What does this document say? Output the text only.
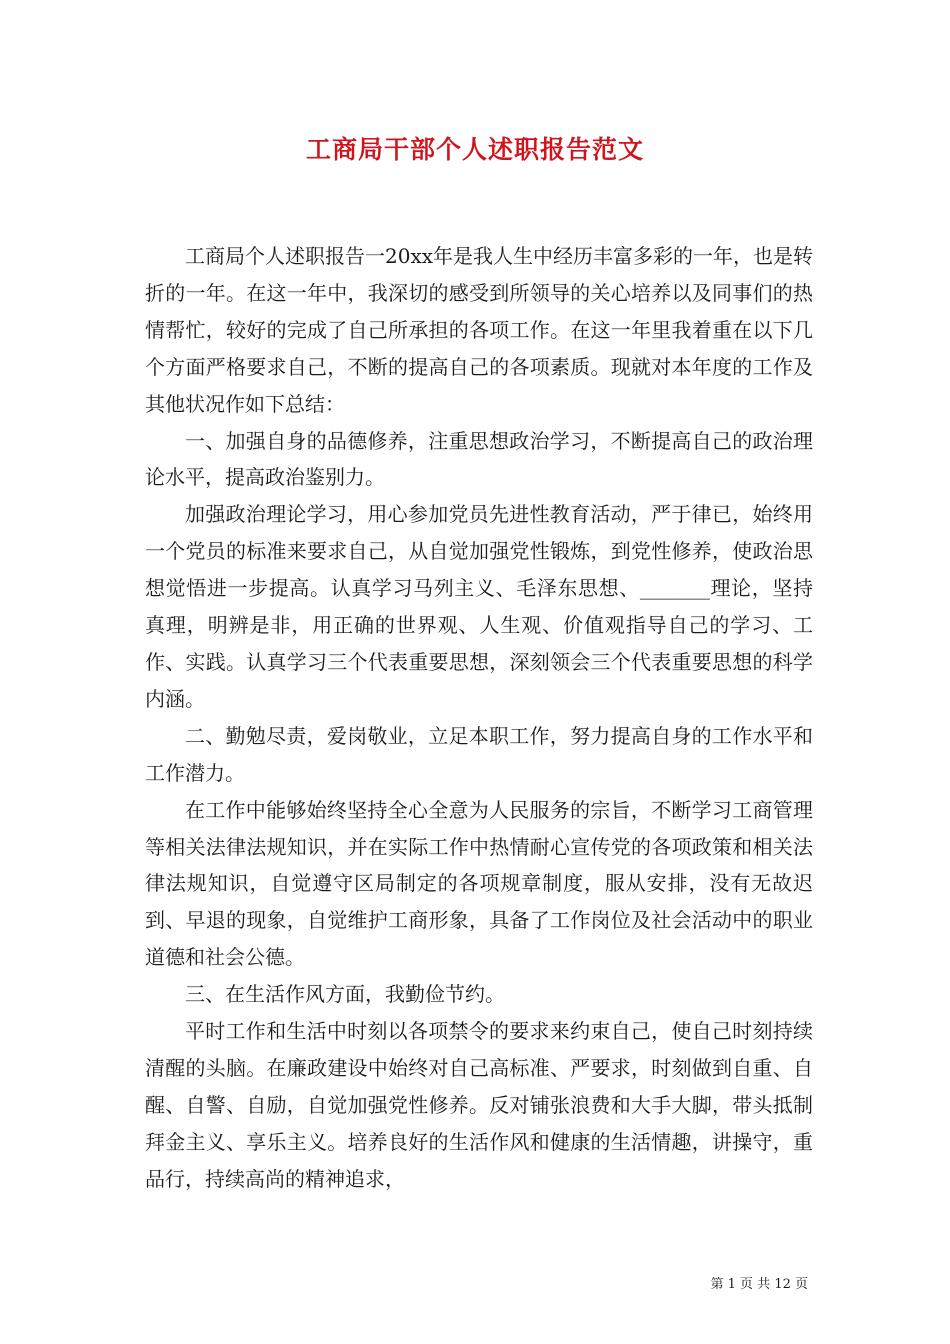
工商局干部个人述职报告范文

工商局个人述职报告一20xx年是我人生中经历丰富多彩的一年，也是转折的一年。在这一年中，我深切的感受到所领导的关心培养以及同事们的热情帮忙，较好的完成了自己所承担的各项工作。在这一年里我着重在以下几个方面严格要求自己，不断的提高自己的各项素质。现就对本年度的工作及其他状况作如下总结：

一、加强自身的品德修养，注重思想政治学习，不断提高自己的政治理论水平，提高政治鉴别力。

加强政治理论学习，用心参加党员先进性教育活动，严于律已，始终用一个党员的标准来要求自己，从自觉加强党性锻炼，到党性修养，使政治思想觉悟进一步提高。认真学习马列主义、毛泽东思想、_______理论，坚持真理，明辨是非，用正确的世界观、人生观、价值观指导自己的学习、工作、实践。认真学习三个代表重要思想，深刻领会三个代表重要思想的科学内涵。

二、勤勉尽责，爱岗敬业，立足本职工作，努力提高自身的工作水平和工作潜力。

在工作中能够始终坚持全心全意为人民服务的宗旨，不断学习工商管理等相关法律法规知识，并在实际工作中热情耐心宣传党的各项政策和相关法律法规知识，自觉遵守区局制定的各项规章制度，服从安排，没有无故迟到、早退的现象，自觉维护工商形象，具备了工作岗位及社会活动中的职业道德和社会公德。

三、在生活作风方面，我勤俭节约。

平时工作和生活中时刻以各项禁令的要求来约束自己，使自己时刻持续清醒的头脑。在廉政建设中始终对自己高标准、严要求，时刻做到自重、自醒、自警、自励，自觉加强党性修养。反对铺张浪费和大手大脚，带头抵制拜金主义、享乐主义。培养良好的生活作风和健康的生活情趣，讲操守，重品行，持续高尚的精神追求，

第 1 页 共 12 页
